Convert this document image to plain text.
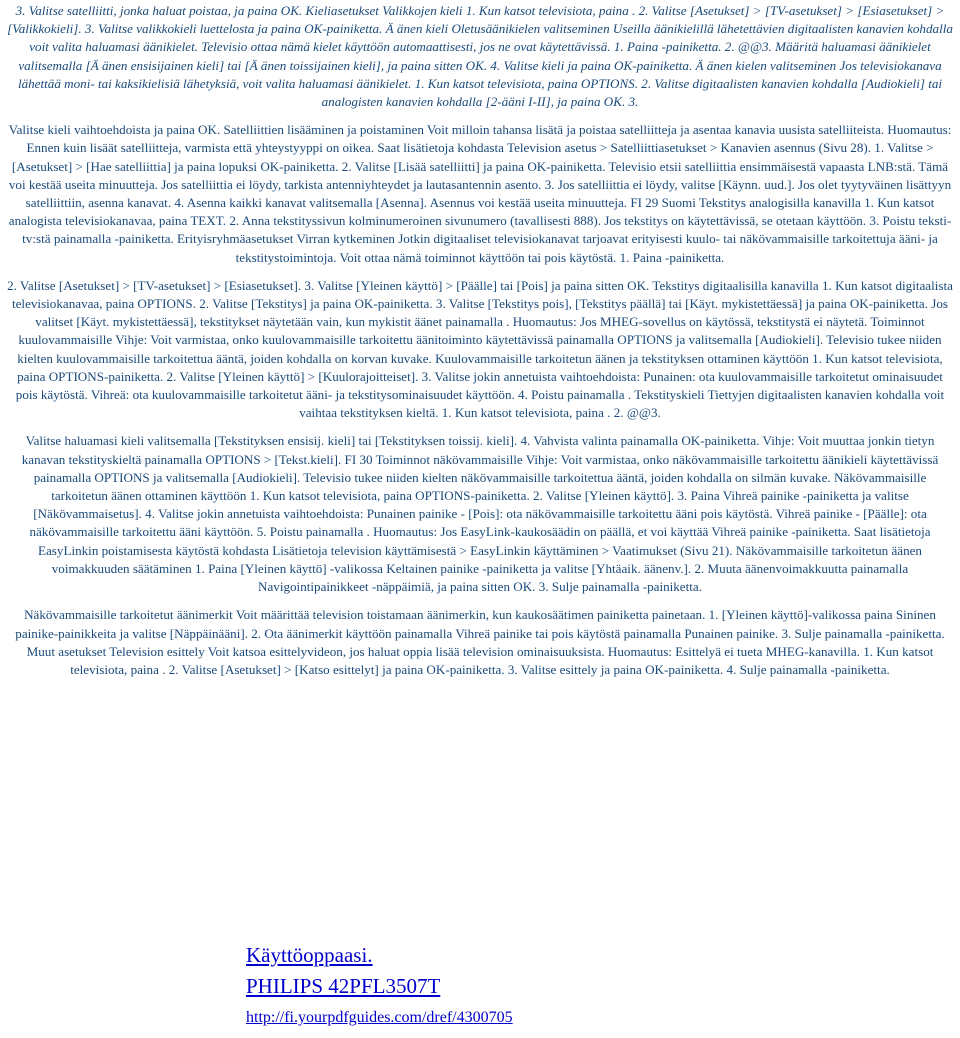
3. Valitse satelliitti, jonka haluat poistaa, ja paina OK. Kieliasetukset Valikkojen kieli 1. Kun katsot televisiota, paina . 2. Valitse [Asetukset] > [TV-asetukset] > [Esiasetukset] > [Valikkokieli]. 3. Valitse valikkokieli luettelosta ja paina OK-painiketta. Ä änen kieli Oletusäänikielen valitseminen Useilla äänikielillä lähetettävien digitaalisten kanavien kohdalla voit valita haluamasi äänikielet. Televisio ottaa nämä kielet käyttöön automaattisesti, jos ne ovat käytettävissä. 1. Paina -painiketta. 2. @@3. Määritä haluamasi äänikielet valitsemalla [Ä änen ensisijainen kieli] tai [Ä änen toissijainen kieli], ja paina sitten OK. 4. Valitse kieli ja paina OK-painiketta. Ä änen kielen valitseminen Jos televisiokanava lähettää moni- tai kaksikielisiä lähetyksiä, voit valita haluamasi äänikielet. 1. Kun katsot televisiota, paina OPTIONS. 2. Valitse digitaalisten kanavien kohdalla [Audiokieli] tai analogisten kanavien kohdalla [2-ääni I-II], ja paina OK. 3.

Valitse kieli vaihtoehdoista ja paina OK. Satelliittien lisääminen ja poistaminen Voit milloin tahansa lisätä ja poistaa satelliitteja ja asentaa kanavia uusista satelliiteista. Huomautus: Ennen kuin lisäät satelliitteja, varmista että yhteystyyppi on oikea. Saat lisätietoja kohdasta Television asetus > Satelliittiasetukset > Kanavien asennus (Sivu 28). 1. Valitse > [Asetukset] > [Hae satelliittia] ja paina lopuksi OK-painiketta. 2. Valitse [Lisää satelliitti] ja paina OK-painiketta. Televisio etsii satelliittia ensimmäisestä vapaasta LNB:stä. Tämä voi kestää useita minuutteja. Jos satelliittia ei löydy, tarkista antenniyhteydet ja lautasantennin asento. 3. Jos satelliittia ei löydy, valitse [Käynn. uud.]. Jos olet tyytyväinen lisättyyn satelliittiin, asenna kanavat. 4. Asenna kaikki kanavat valitsemalla [Asenna]. Asennus voi kestää useita minuutteja. FI 29 Suomi Tekstitys analogisilla kanavilla 1. Kun katsot analogista televisiokanavaa, paina TEXT. 2. Anna tekstityssivun kolminumeroinen sivunumero (tavallisesti 888). Jos tekstitys on käytettävissä, se otetaan käyttöön. 3. Poistu teksti-tv:stä painamalla -painiketta. Erityisryhmäasetukset Virran kytkeminen Jotkin digitaaliset televisiokanavat tarjoavat erityisesti kuulo- tai näkövammaisille tarkoitettuja ääni- ja tekstitystoimintoja. Voit ottaa nämä toiminnot käyttöön tai pois käytöstä. 1. Paina -painiketta.

2. Valitse [Asetukset] > [TV-asetukset] > [Esiasetukset]. 3. Valitse [Yleinen käyttö] > [Päälle] tai [Pois] ja paina sitten OK. Tekstitys digitaalisilla kanavilla 1. Kun katsot digitaalista televisiokanavaa, paina OPTIONS. 2. Valitse [Tekstitys] ja paina OK-painiketta. 3. Valitse [Tekstitys pois], [Tekstitys päällä] tai [Käyt. mykistettäessä] ja paina OK-painiketta. Jos valitset [Käyt. mykistettäessä], tekstitykset näytetään vain, kun mykistit äänet painamalla . Huomautus: Jos MHEG-sovellus on käytössä, tekstitystä ei näytetä. Toiminnot kuulovammaisille Vihje: Voit varmistaa, onko kuulovammaisille tarkoitettu äänitoiminto käytettävissä painamalla OPTIONS ja valitsemalla [Audiokieli]. Televisio tukee niiden kielten kuulovammaisille tarkoitettua ääntä, joiden kohdalla on korvan kuvake. Kuulovammaisille tarkoitetun äänen ja tekstityksen ottaminen käyttöön 1. Kun katsot televisiota, paina OPTIONS-painiketta. 2. Valitse [Yleinen käyttö] > [Kuulorajoitteiset]. 3. Valitse jokin annetuista vaihtoehdoista: Punainen: ota kuulovammaisille tarkoitetut ominaisuudet pois käytöstä. Vihreä: ota kuulovammaisille tarkoitetut ääni- ja tekstitysominaisuudet käyttöön. 4. Poistu painamalla . Tekstityskieli Tiettyjen digitaalisten kanavien kohdalla voit vaihtaa tekstityksen kieltä. 1. Kun katsot televisiota, paina . 2. @@3.

Valitse haluamasi kieli valitsemalla [Tekstityksen ensisij. kieli] tai [Tekstityksen toissij. kieli]. 4. Vahvista valinta painamalla OK-painiketta. Vihje: Voit muuttaa jonkin tietyn kanavan tekstityskieltä painamalla OPTIONS > [Tekst.kieli]. FI 30 Toiminnot näkövammaisille Vihje: Voit varmistaa, onko näkövammaisille tarkoitettu äänikieli käytettävissä painamalla OPTIONS ja valitsemalla [Audiokieli]. Televisio tukee niiden kielten näkövammaisille tarkoitettua ääntä, joiden kohdalla on silmän kuvake. Näkövammaisille tarkoitetun äänen ottaminen käyttöön 1. Kun katsot televisiota, paina OPTIONS-painiketta. 2. Valitse [Yleinen käyttö]. 3. Paina Vihreä painike -painiketta ja valitse [Näkövammaisetus]. 4. Valitse jokin annetuista vaihtoehdoista: Punainen painike - [Pois]: ota näkövammaisille tarkoitettu ääni pois käytöstä. Vihreä painike - [Päälle]: ota näkövammaisille tarkoitettu ääni käyttöön. 5. Poistu painamalla . Huomautus: Jos EasyLink-kaukosäädin on päällä, et voi käyttää Vihreä painike -painiketta. Saat lisätietoja EasyLinkin poistamisesta käytöstä kohdasta Lisätietoja television käyttämisestä > EasyLinkin käyttäminen > Vaatimukset (Sivu 21). Näkövammaisille tarkoitetun äänen voimakkuuden säätäminen 1. Paina [Yleinen käyttö] -valikossa Keltainen painike -painiketta ja valitse [Yhtäaik. äänenv.]. 2. Muuta äänenvoimakkuutta painamalla Navigointipainikkeet -näppäimiä, ja paina sitten OK. 3. Sulje painamalla -painiketta.

Näkövammaisille tarkoitetut äänimerkit Voit määrittää television toistamaan äänimerkin, kun kaukosäätimen painiketta painetaan. 1. [Yleinen käyttö]-valikossa paina Sininen painike-painikkeita ja valitse [Näppäinääni]. 2. Ota äänimerkit käyttöön painamalla Vihreä painike tai pois käytöstä painamalla Punainen painike. 3. Sulje painamalla -painiketta. Muut asetukset Television esittely Voit katsoa esittelyvideon, jos haluat oppia lisää television ominaisuuksista. Huomautus: Esittelyä ei tueta MHEG-kanavilla. 1. Kun katsot televisiota, paina . 2. Valitse [Asetukset] > [Katso esittelyt] ja paina OK-painiketta. 3. Valitse esittely ja paina OK-painiketta. 4. Sulje painamalla -painiketta.

Käyttöoppaasi.
PHILIPS 42PFL3507T
http://fi.yourpdfguides.com/dref/4300705
